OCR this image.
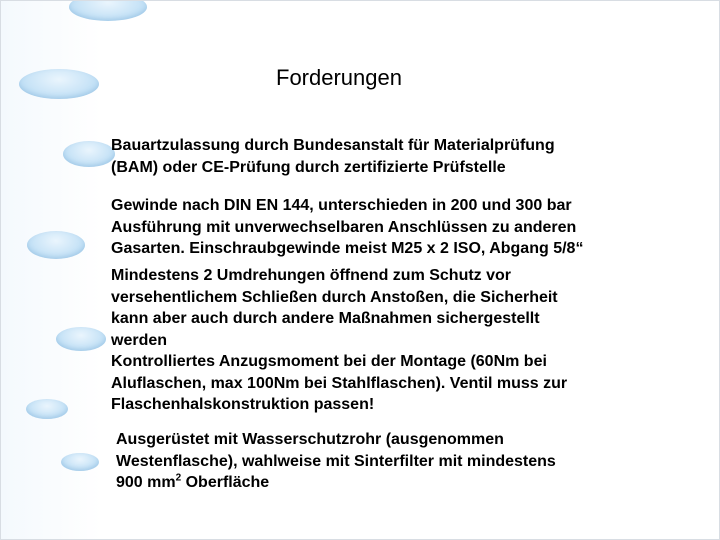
Forderungen
Bauartzulassung durch Bundesanstalt für Materialprüfung
(BAM) oder CE-Prüfung durch zertifizierte Prüfstelle
Gewinde nach DIN EN 144, unterschieden in 200 und 300 bar
Ausführung mit unverwechselbaren Anschlüssen zu anderen
Gasarten. Einschraubgewinde meist M25 x 2 ISO, Abgang 5/8“
Mindestens 2 Umdrehungen öffnend zum Schutz vor
versehentlichem Schließen durch Anstoßen, die Sicherheit
kann aber auch durch andere Maßnahmen sichergestellt
werden
Kontrolliertes Anzugsmoment bei der Montage (60Nm bei
Aluflaschen, max 100Nm bei Stahlflaschen). Ventil muss zur
Flaschenhalskonstruktion passen!
Ausgerüstet mit Wasserschutzrohr (ausgenommen
Westenflasche), wahlweise mit Sinterfilter mit mindestens
900 $mm^2$ Oberfläche
